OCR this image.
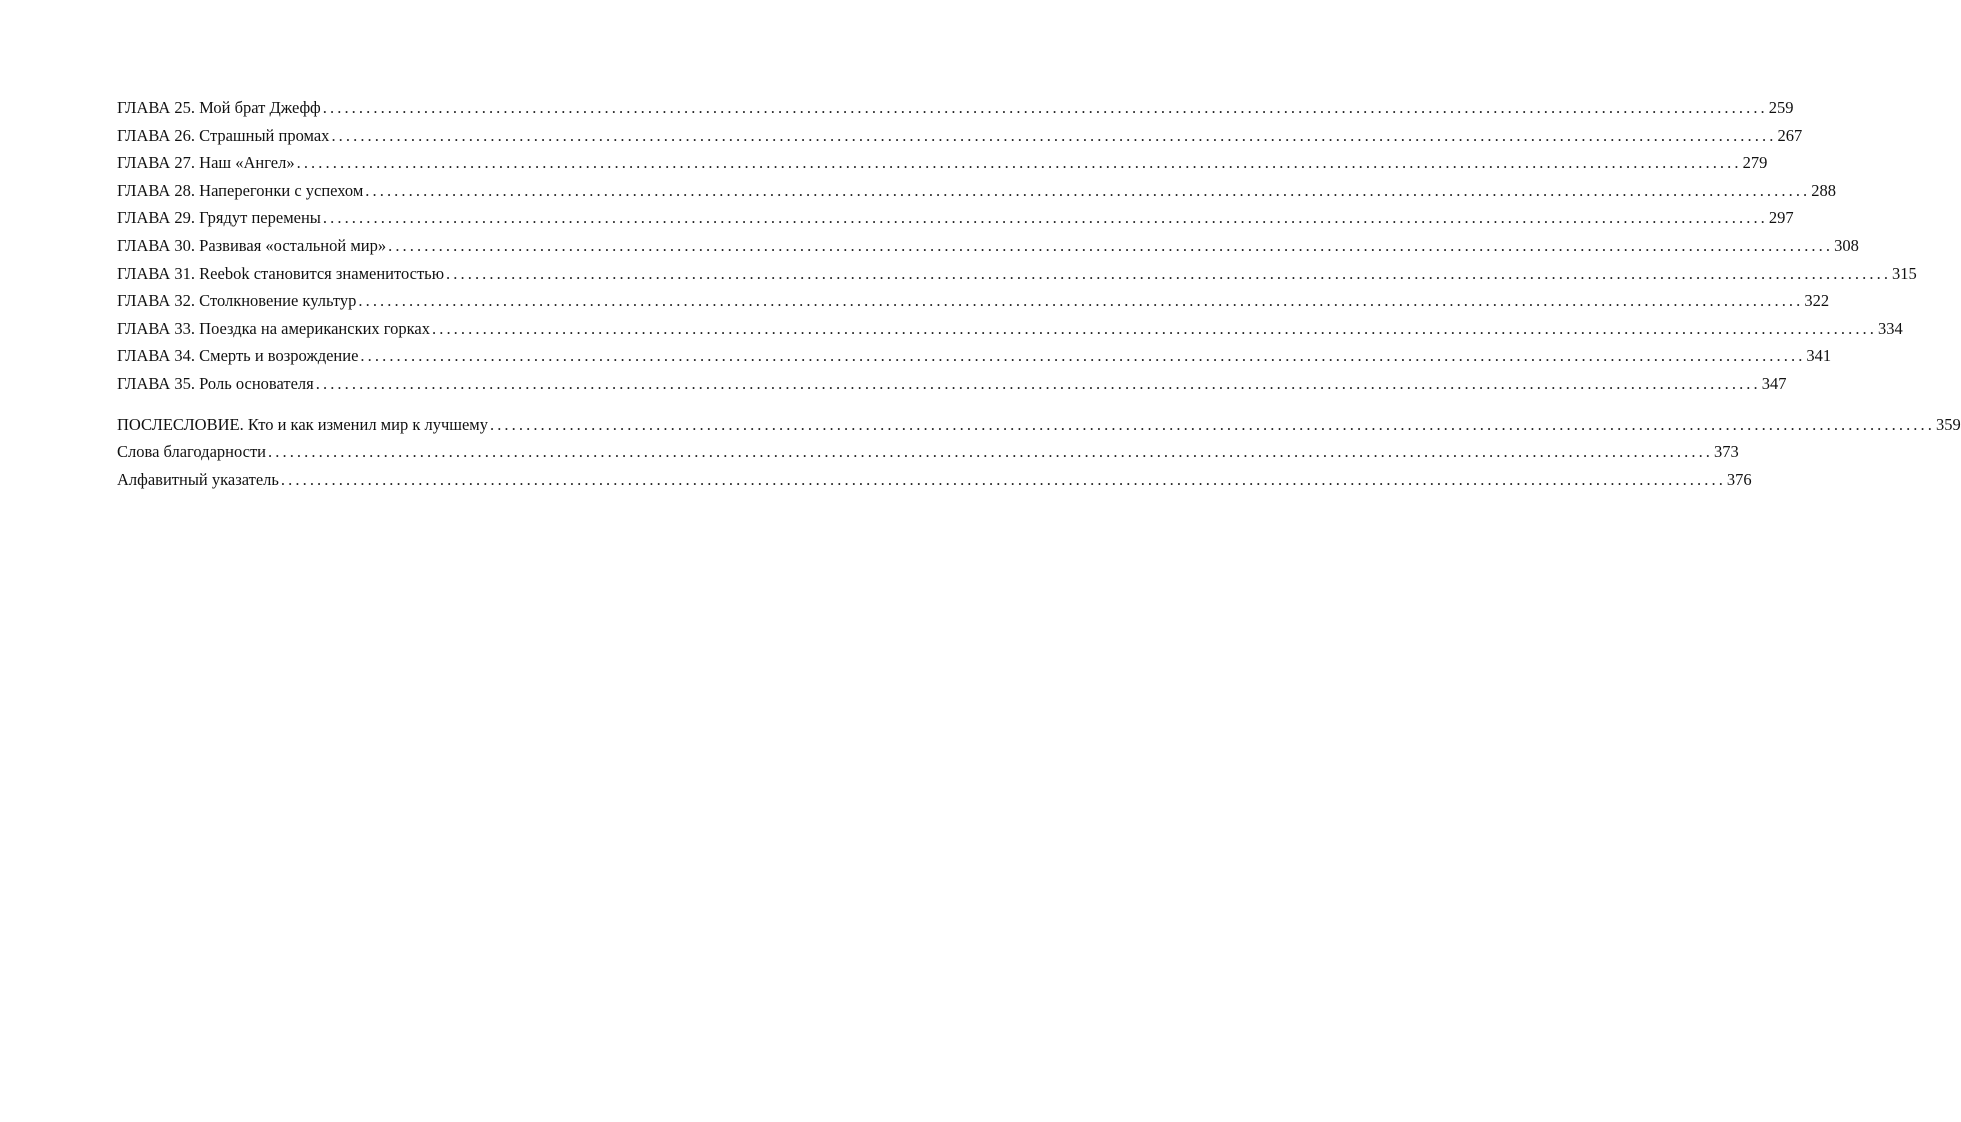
ГЛАВА 25. Мой брат Джефф ........................................................................................................................................................................................................ 259
ГЛАВА 26. Страшный промах ........................................................................................................................................................................................................ 267
ГЛАВА 27. Наш «Ангел» ........................................................................................................................................................................................................ 279
ГЛАВА 28. Наперегонки с успехом ........................................................................................................................................................................................................ 288
ГЛАВА 29. Грядут перемены ........................................................................................................................................................................................................ 297
ГЛАВА 30. Развивая «остальной мир» ........................................................................................................................................................................................................ 308
ГЛАВА 31. Reebok становится знаменитостью ........................................................................................................................................................................................................ 315
ГЛАВА 32. Столкновение культур ........................................................................................................................................................................................................ 322
ГЛАВА 33. Поездка на американских горках ........................................................................................................................................................................................................ 334
ГЛАВА 34. Смерть и возрождение ........................................................................................................................................................................................................ 341
ГЛАВА 35. Роль основателя ........................................................................................................................................................................................................ 347
ПОСЛЕСЛОВИЕ. Кто и как изменил мир к лучшему ........................................................................................................................................................................................................ 359
Слова благодарности ........................................................................................................................................................................................................ 373
Алфавитный указатель ........................................................................................................................................................................................................ 376
